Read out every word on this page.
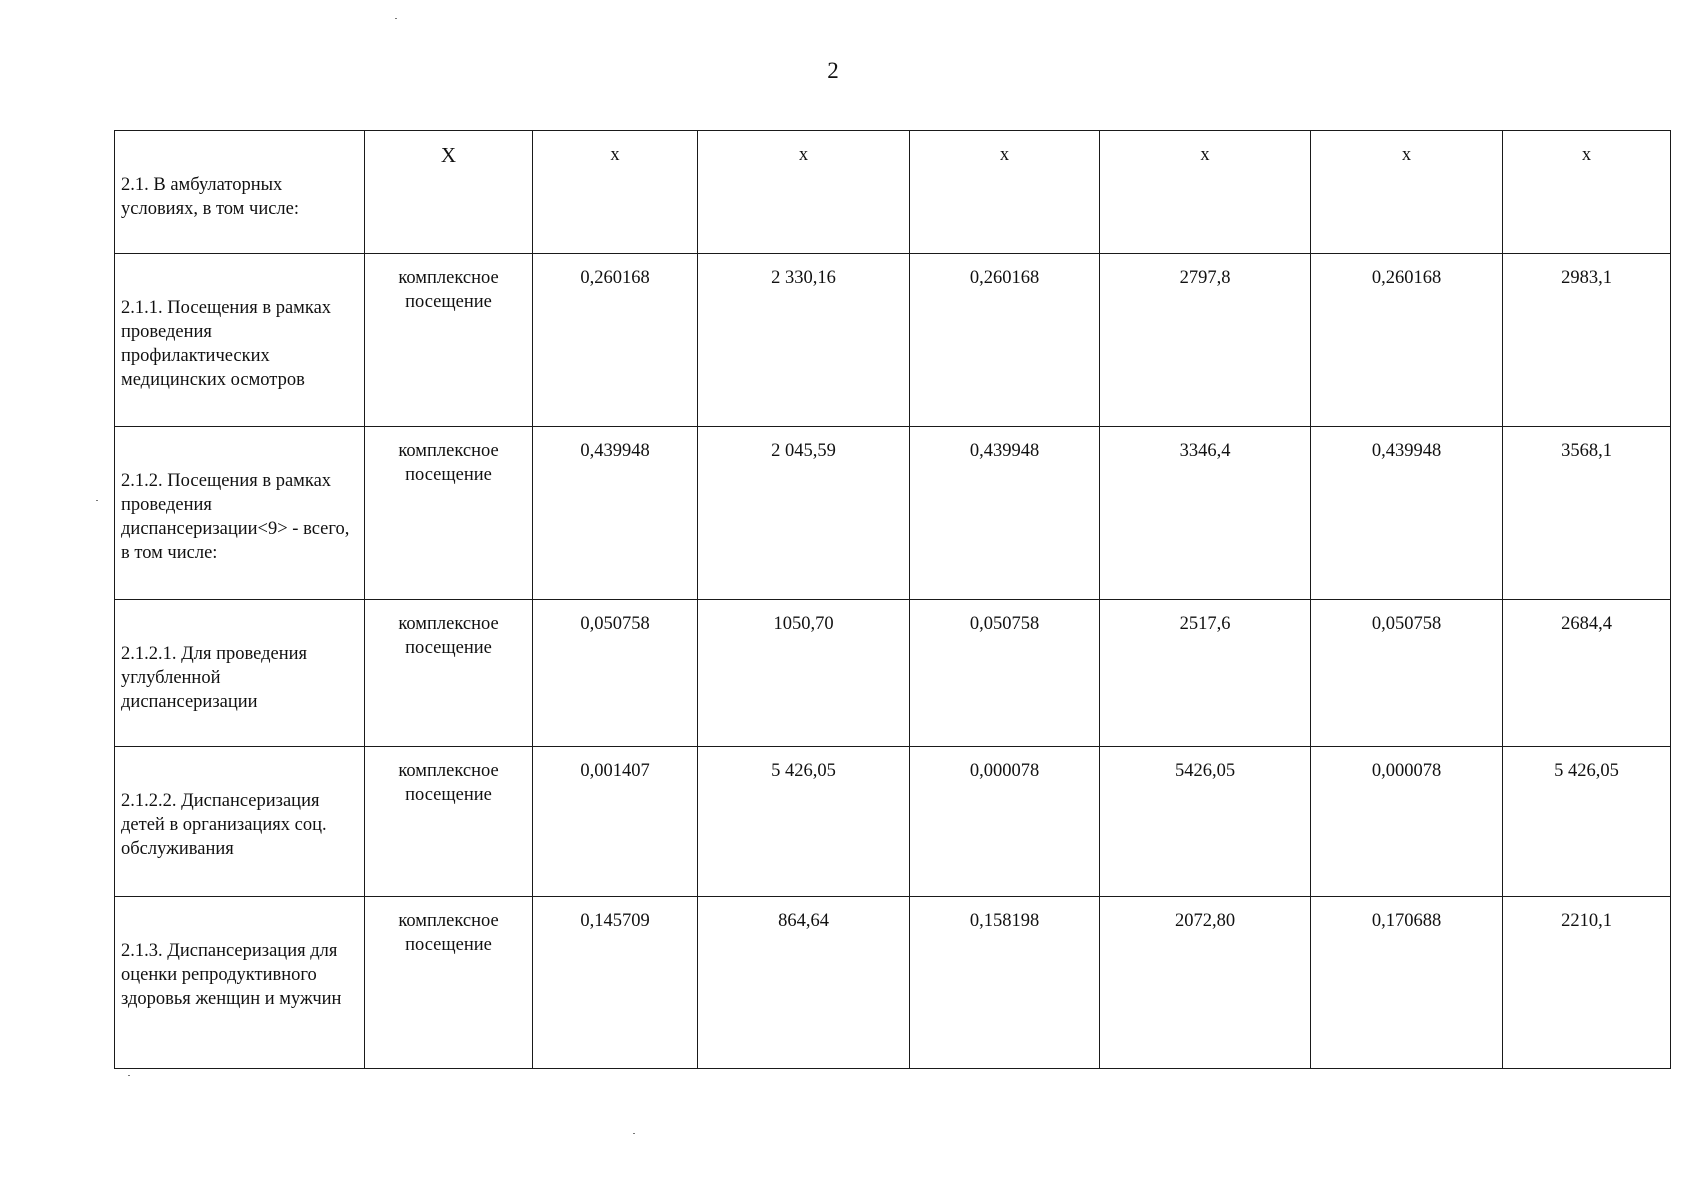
2
2.1. В амбулаторных условиях, в том числе:	X	x	x	x	x	x	x
2.1.1. Посещения в рамках проведения профилактических медицинских осмотров	комплексное посещение	0,260168	2 330,16	0,260168	2797,8	0,260168	2983,1
2.1.2. Посещения в рамках проведения диспансеризации<9> - всего, в том числе:	комплексное посещение	0,439948	2 045,59	0,439948	3346,4	0,439948	3568,1
2.1.2.1. Для проведения углубленной диспансеризации	комплексное посещение	0,050758	1050,70	0,050758	2517,6	0,050758	2684,4
2.1.2.2. Диспансеризация детей в организациях соц. обслуживания	комплексное посещение	0,001407	5 426,05	0,000078	5426,05	0,000078	5 426,05
2.1.3. Диспансеризация для оценки репродуктивного здоровья женщин и мужчин	комплексное посещение	0,145709	864,64	0,158198	2072,80	0,170688	2210,1
